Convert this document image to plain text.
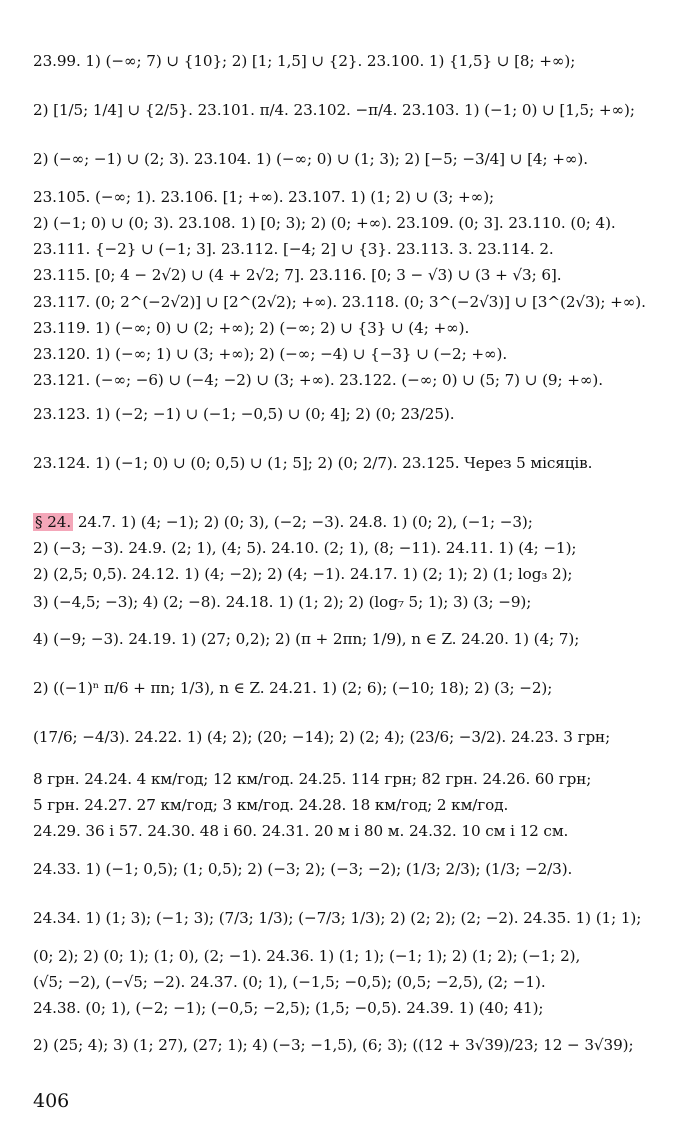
23.99. 1) (−∞; 7) ∪ {10}; 2) [1; 1,5] ∪ {2}. 23.100. 1) {1,5} ∪ [8; +∞);
2) [1/5; 1/4] ∪ {2/5}. 23.101. π/4. 23.102. −π/4. 23.103. 1) (−1; 0) ∪ [1,5; +∞);
2) (−∞; −1) ∪ (2; 3). 23.104. 1) (−∞; 0) ∪ (1; 3); 2) [−5; −3/4] ∪ [4; +∞).
23.105. (−∞; 1). 23.106. [1; +∞). 23.107. 1) (1; 2) ∪ (3; +∞);
2) (−1; 0) ∪ (0; 3). 23.108. 1) [0; 3); 2) (0; +∞). 23.109. (0; 3]. 23.110. (0; 4).
23.111. {−2} ∪ (−1; 3]. 23.112. [−4; 2] ∪ {3}. 23.113. 3. 23.114. 2.
23.115. [0; 4 − 2√2) ∪ (4 + 2√2; 7]. 23.116. [0; 3 − √3) ∪ (3 + √3; 6].
23.117. (0; 2^(−2√2)] ∪ [2^(2√2); +∞). 23.118. (0; 3^(−2√3)] ∪ [3^(2√3); +∞).
23.119. 1) (−∞; 0) ∪ (2; +∞); 2) (−∞; 2) ∪ {3} ∪ (4; +∞).
23.120. 1) (−∞; 1) ∪ (3; +∞); 2) (−∞; −4) ∪ {−3} ∪ (−2; +∞).
23.121. (−∞; −6) ∪ (−4; −2) ∪ (3; +∞). 23.122. (−∞; 0) ∪ (5; 7) ∪ (9; +∞).
23.123. 1) (−2; −1) ∪ (−1; −0,5) ∪ (0; 4]; 2) (0; 23/25).
23.124. 1) (−1; 0) ∪ (0; 0,5) ∪ (1; 5]; 2) (0; 2/7). 23.125. Через 5 місяців.
§ 24. 24.7. 1) (4; −1); 2) (0; 3), (−2; −3). 24.8. 1) (0; 2), (−1; −3);
2) (−3; −3). 24.9. (2; 1), (4; 5). 24.10. (2; 1), (8; −11). 24.11. 1) (4; −1);
2) (2,5; 0,5). 24.12. 1) (4; −2); 2) (4; −1). 24.17. 1) (2; 1); 2) (1; log₃ 2);
3) (−4,5; −3); 4) (2; −8). 24.18. 1) (1; 2); 2) (log₇ 5; 1); 3) (3; −9);
4) (−9; −3). 24.19. 1) (27; 0,2); 2) (π + 2πn; 1/9), n ∈ Z. 24.20. 1) (4; 7);
2) ((−1)ⁿ π/6 + πn; 1/3), n ∈ Z. 24.21. 1) (2; 6); (−10; 18); 2) (3; −2);
(17/6; −4/3). 24.22. 1) (4; 2); (20; −14); 2) (2; 4); (23/6; −3/2). 24.23. 3 грн;
8 грн. 24.24. 4 км/год; 12 км/год. 24.25. 114 грн; 82 грн. 24.26. 60 грн;
5 грн. 24.27. 27 км/год; 3 км/год. 24.28. 18 км/год; 2 км/год.
24.29. 36 і 57. 24.30. 48 і 60. 24.31. 20 м і 80 м. 24.32. 10 см і 12 см.
24.33. 1) (−1; 0,5); (1; 0,5); 2) (−3; 2); (−3; −2); (1/3; 2/3); (1/3; −2/3).
24.34. 1) (1; 3); (−1; 3); (7/3; 1/3); (−7/3; 1/3); 2) (2; 2); (2; −2). 24.35. 1) (1; 1);
(0; 2); 2) (0; 1); (1; 0), (2; −1). 24.36. 1) (1; 1); (−1; 1); 2) (1; 2); (−1; 2),
(√5; −2), (−√5; −2). 24.37. (0; 1), (−1,5; −0,5); (0,5; −2,5), (2; −1).
24.38. (0; 1), (−2; −1); (−0,5; −2,5); (1,5; −0,5). 24.39. 1) (40; 41);
2) (25; 4); 3) (1; 27), (27; 1); 4) (−3; −1,5), (6; 3); ((12 + 3√39)/23; 12 − 3√39);
406
